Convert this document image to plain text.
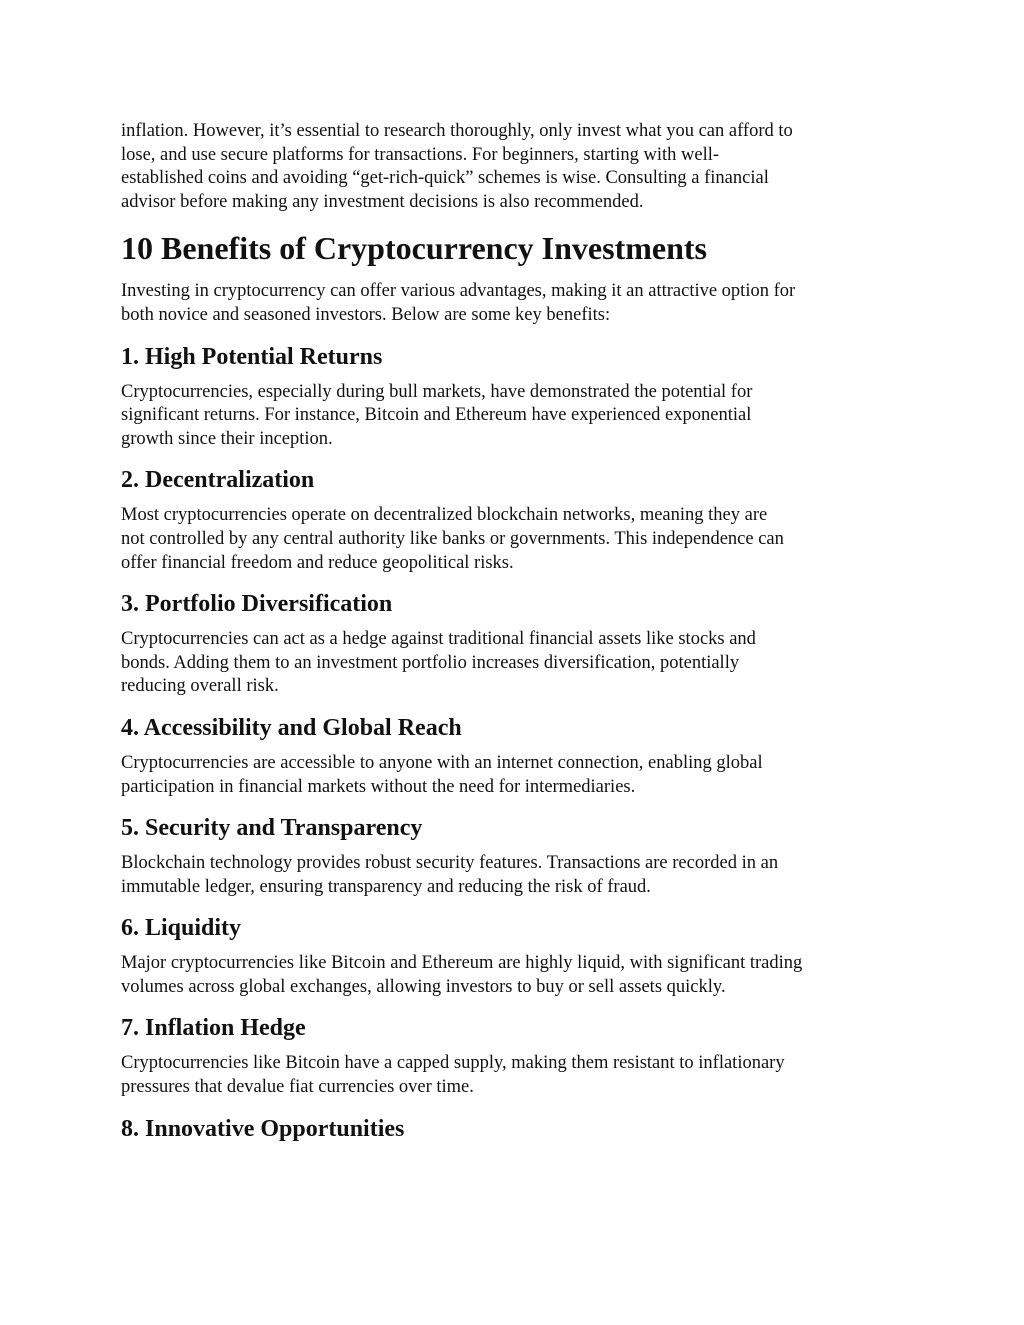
inflation. However, it’s essential to research thoroughly, only invest what you can afford to
lose, and use secure platforms for transactions. For beginners, starting with well-
established coins and avoiding “get-rich-quick” schemes is wise. Consulting a financial
advisor before making any investment decisions is also recommended.

10 Benefits of Cryptocurrency Investments

Investing in cryptocurrency can offer various advantages, making it an attractive option for
both novice and seasoned investors. Below are some key benefits:

1. High Potential Returns

Cryptocurrencies, especially during bull markets, have demonstrated the potential for
significant returns. For instance, Bitcoin and Ethereum have experienced exponential
growth since their inception.

2. Decentralization

Most cryptocurrencies operate on decentralized blockchain networks, meaning they are
not controlled by any central authority like banks or governments. This independence can
offer financial freedom and reduce geopolitical risks.

3. Portfolio Diversification

Cryptocurrencies can act as a hedge against traditional financial assets like stocks and
bonds. Adding them to an investment portfolio increases diversification, potentially
reducing overall risk.

4. Accessibility and Global Reach

Cryptocurrencies are accessible to anyone with an internet connection, enabling global
participation in financial markets without the need for intermediaries.

5. Security and Transparency

Blockchain technology provides robust security features. Transactions are recorded in an
immutable ledger, ensuring transparency and reducing the risk of fraud.

6. Liquidity

Major cryptocurrencies like Bitcoin and Ethereum are highly liquid, with significant trading
volumes across global exchanges, allowing investors to buy or sell assets quickly.

7. Inflation Hedge

Cryptocurrencies like Bitcoin have a capped supply, making them resistant to inflationary
pressures that devalue fiat currencies over time.

8. Innovative Opportunities
